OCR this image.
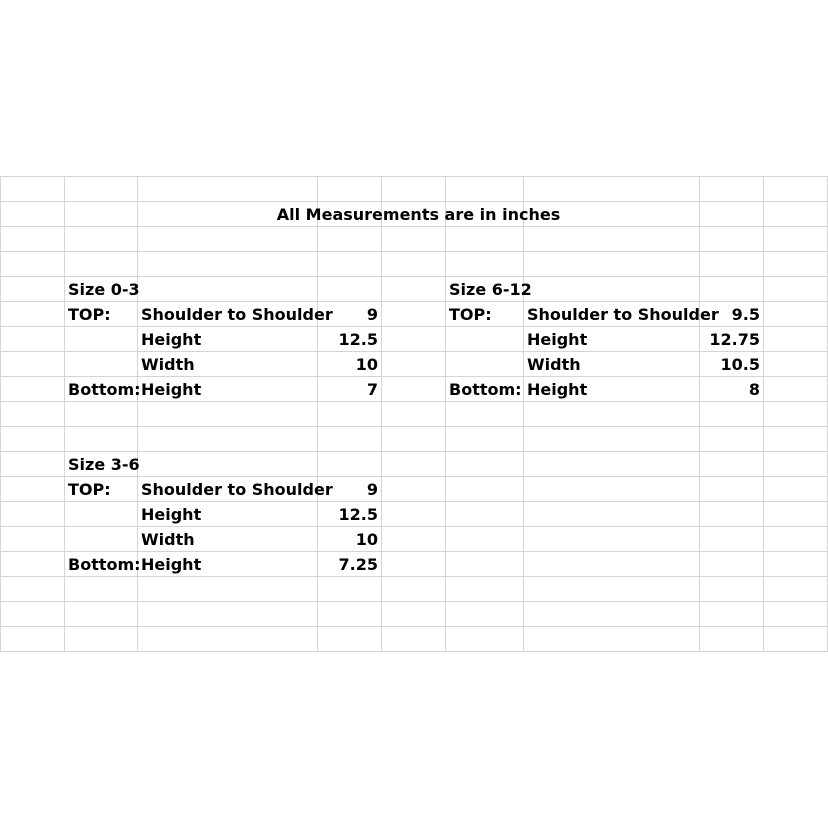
All Measurements are in inches
Size 0-3
TOP: Shoulder to Shoulder	9
Height	12.5
Width	10
Bottom: Height	7
Size 6-12
TOP: Shoulder to Shoulder 9.5
Height	12.75
Width	10.5
Bottom: Height	8
Size 3-6
TOP: Shoulder to Shoulder	9
Height	12.5
Width	10
Bottom: Height	7.25
